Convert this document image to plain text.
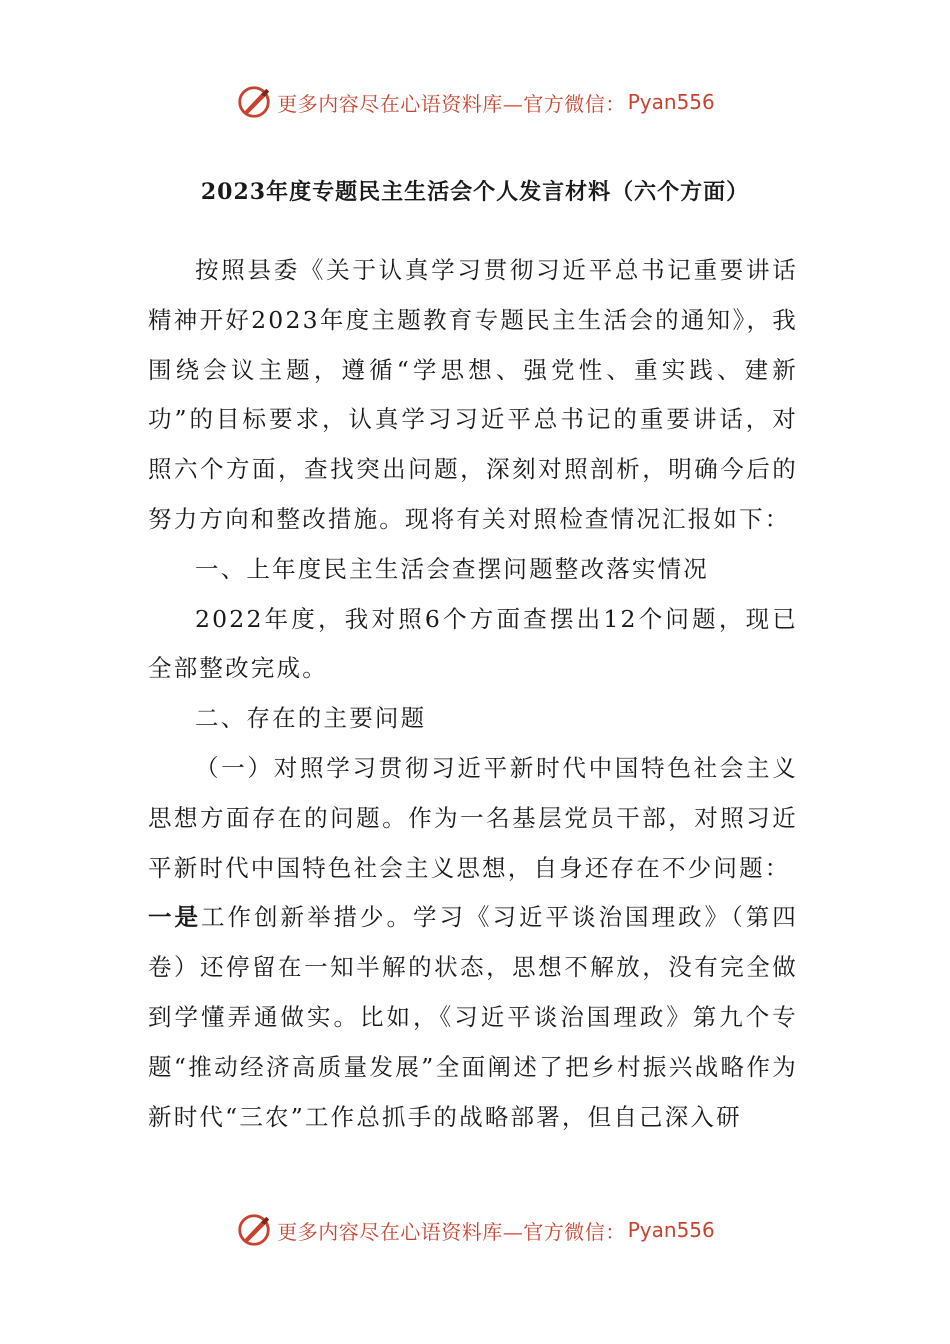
更多内容尽在心语资料库—官方微信： Pyan556
2023年度专题民主生活会个人发言材料（六个方面）

按照县委《关于认真学习贯彻习近平总书记重要讲话精神开好2023年度主题教育专题民主生活会的通知》，我围绕会议主题，遵循“学思想、强党性、重实践、建新功”的目标要求，认真学习习近平总书记的重要讲话，对照六个方面，查找突出问题，深刻对照剖析，明确今后的努力方向和整改措施。现将有关对照检查情况汇报如下：

一、上年度民主生活会查摆问题整改落实情况

2022年度，我对照6个方面查摆出12个问题，现已全部整改完成。

二、存在的主要问题

（一）对照学习贯彻习近平新时代中国特色社会主义思想方面存在的问题。作为一名基层党员干部，对照习近平新时代中国特色社会主义思想，自身还存在不少问题：

一是工作创新举措少。学习《习近平谈治国理政》（第四卷）还停留在一知半解的状态，思想不解放，没有完全做到学懂弄通做实。比如，《习近平谈治国理政》第九个专题“推动经济高质量发展”全面阐述了把乡村振兴战略作为新时代“三农”工作总抓手的战略部署，但自己深入研

更多内容尽在心语资料库—官方微信： Pyan556
